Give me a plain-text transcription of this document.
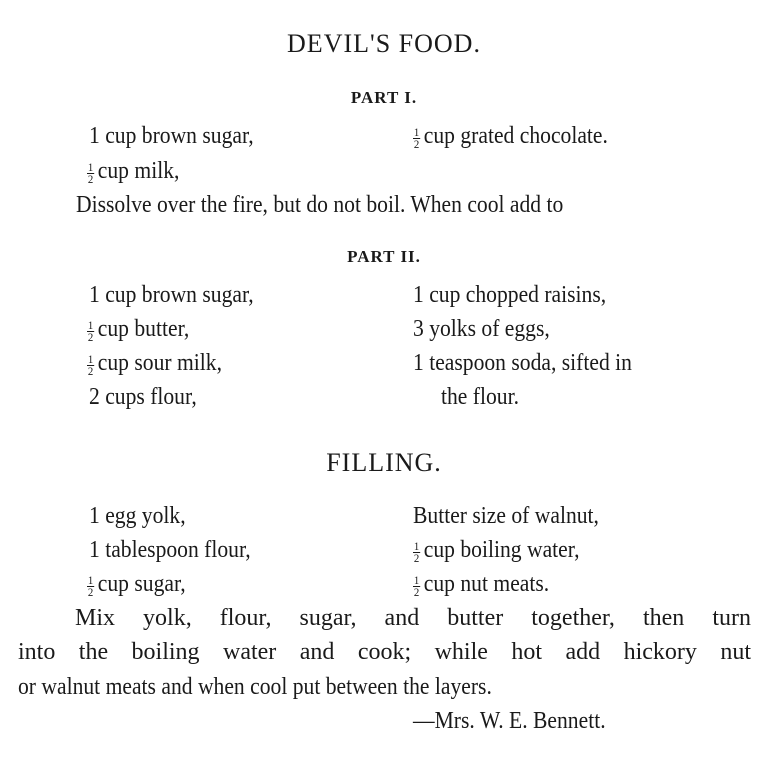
DEVIL'S FOOD.
PART I.
1 cup brown sugar,	$\frac{1}{2}$ cup grated chocolate.
$\frac{1}{2}$ cup milk,
Dissolve over the fire, but do not boil. When cool add to
PART II.
1 cup brown sugar,
$\frac{1}{2}$ cup butter,
$\frac{1}{2}$ cup sour milk,
2 cups flour,
1 cup chopped raisins,
3 yolks of eggs,
1 teaspoon soda, sifted in
the flour.
FILLING.
1 egg yolk,
1 tablespoon flour,
$\frac{1}{2}$ cup sugar,
Butter size of walnut,
$\frac{1}{2}$ cup boiling water,
$\frac{1}{2}$ cup nut meats.
Mix yolk, flour, sugar, and butter together, then turn
into the boiling water and cook; while hot add hickory nut
or walnut meats and when cool put between the layers.
—Mrs. W. E. Bennett.
